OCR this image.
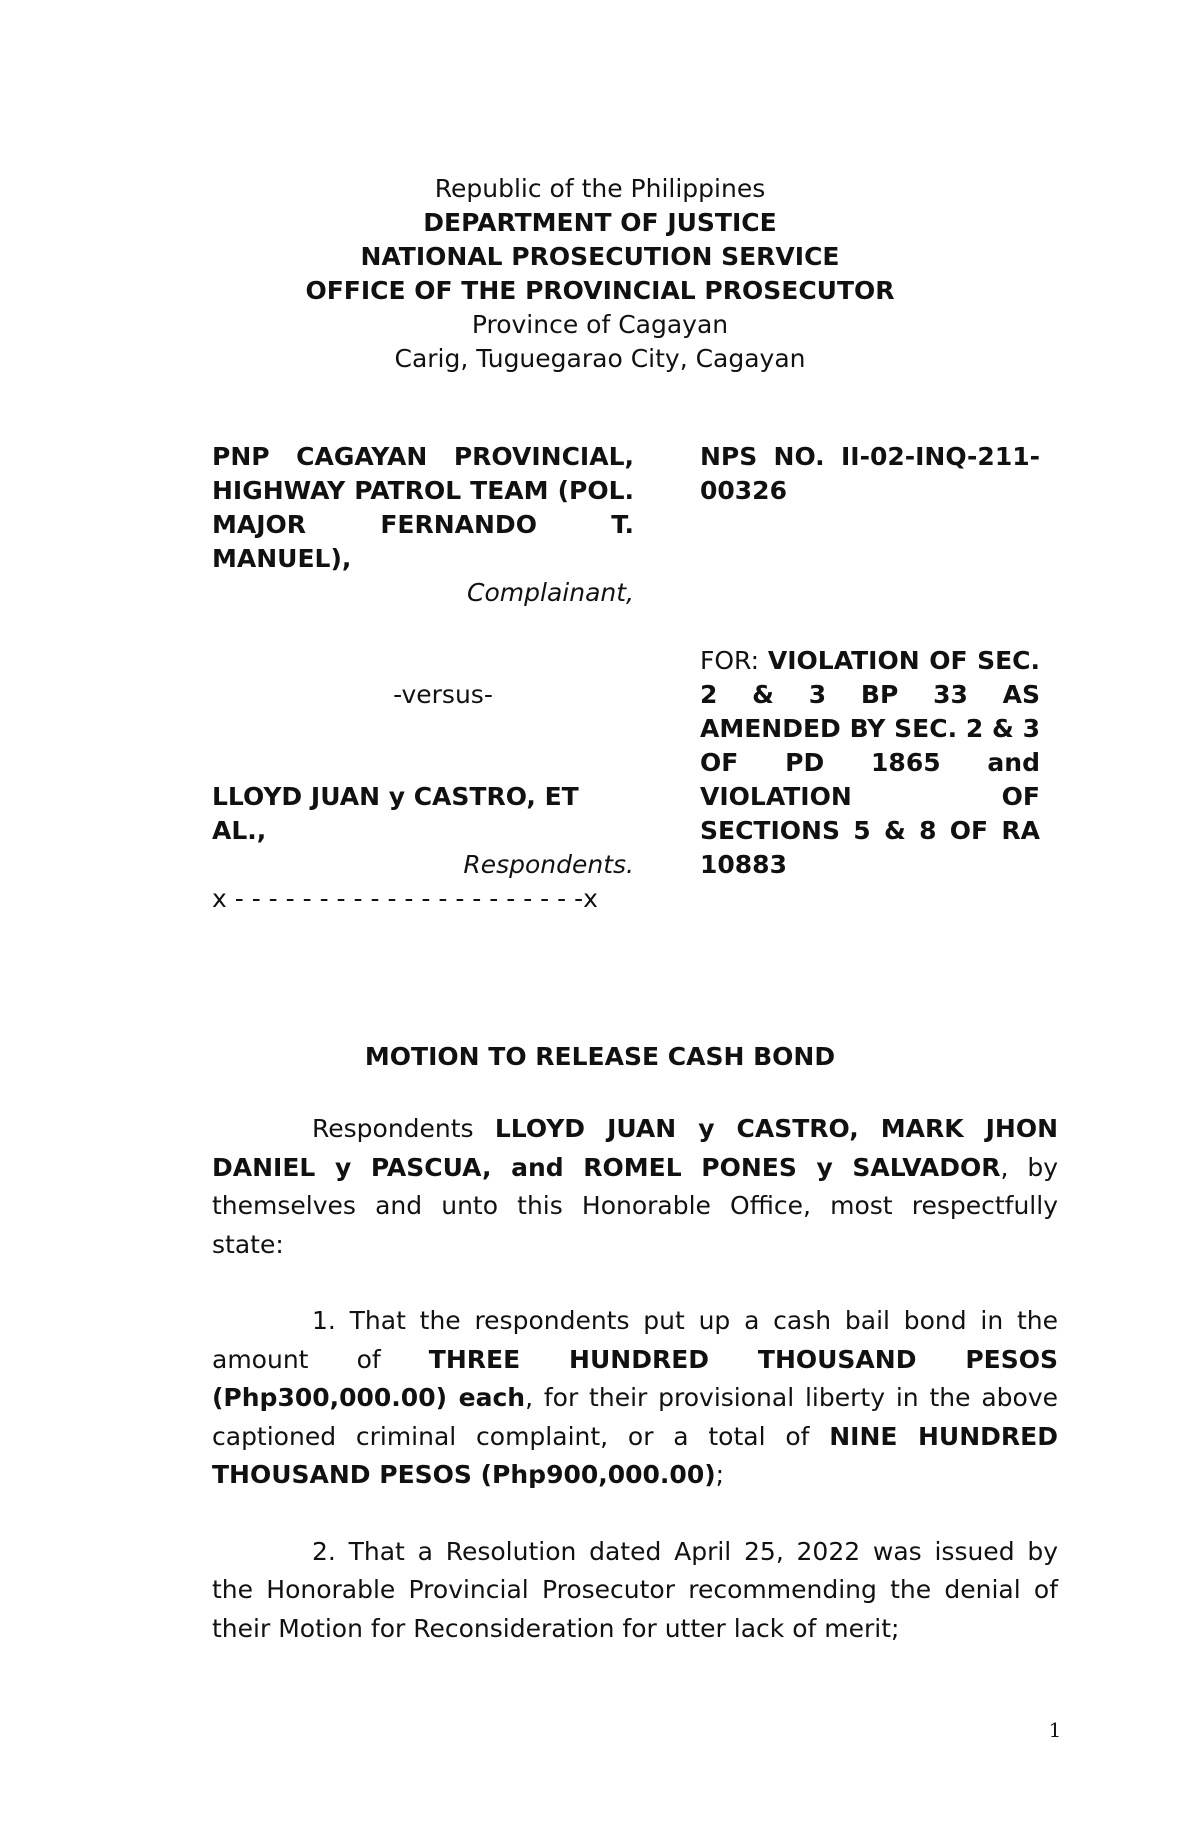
Republic of the Philippines
DEPARTMENT OF JUSTICE
NATIONAL PROSECUTION SERVICE
OFFICE OF THE PROVINCIAL PROSECUTOR
Province of Cagayan
Carig, Tuguegarao City, Cagayan
PNP CAGAYAN PROVINCIAL, HIGHWAY PATROL TEAM (POL. MAJOR FERNANDO T. MANUEL),
Complainant,
-versus-
LLOYD JUAN y CASTRO, ET AL.,
Respondents.
x - - - - - - - - - - - - - - - - - - - - -x
NPS NO. II-02-INQ-211-00326
FOR: VIOLATION OF SEC. 2 & 3 BP 33 AS AMENDED BY SEC. 2 & 3 OF PD 1865 and VIOLATION OF SECTIONS 5 & 8 OF RA 10883
MOTION TO RELEASE CASH BOND

Respondents LLOYD JUAN y CASTRO, MARK JHON DANIEL y PASCUA, and ROMEL PONES y SALVADOR, by themselves and unto this Honorable Office, most respectfully state:

1. That the respondents put up a cash bail bond in the amount of THREE HUNDRED THOUSAND PESOS (Php300,000.00) each, for their provisional liberty in the above captioned criminal complaint, or a total of NINE HUNDRED THOUSAND PESOS (Php900,000.00);

2. That a Resolution dated April 25, 2022 was issued by the Honorable Provincial Prosecutor recommending the denial of their Motion for Reconsideration for utter lack of merit;

1
